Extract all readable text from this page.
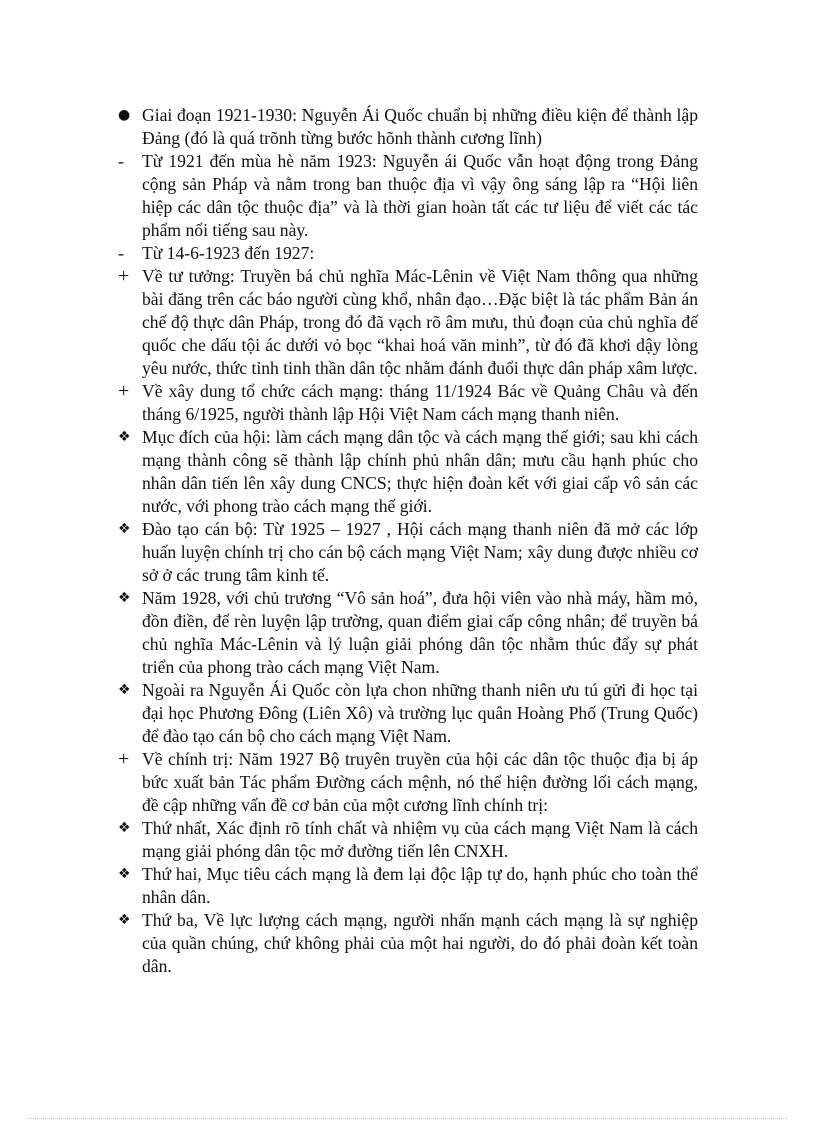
● Giai đoạn 1921-1930: Nguyễn Ái Quốc chuẩn bị những điều kiện để thành lập Đảng (đó là quá trõnh từng bước hõnh thành cương lĩnh)

-	Từ 1921 đến mùa hè năm 1923: Nguyễn ái Quốc vẫn hoạt động trong Đảng cộng sản Pháp và nằm trong ban thuộc địa vì vậy ông sáng lập ra “Hội liên hiệp các dân tộc thuộc địa” và là thời gian hoàn tất các tư liệu để viết các tác phẩm nổi tiếng sau này.

-	Từ 14-6-1923 đến 1927:

+ Về tư tưởng: Truyền bá chủ nghĩa Mác-Lênin về Việt Nam thông qua những bài đăng trên các báo người cùng khổ, nhân đạo…Đặc biệt là tác phẩm Bản án chế độ thực dân Pháp, trong đó đã vạch rõ âm mưu, thủ đoạn của chủ nghĩa đế quốc che dấu tội ác dưới vỏ bọc “khai hoá văn minh”, từ đó đã khơi dậy lòng yêu nước, thức tỉnh tinh thần dân tộc nhằm đánh đuổi thực dân pháp xâm lược.

+ Về xây dung tổ chức cách mạng: tháng 11/1924 Bác về Quảng Châu và đến tháng 6/1925, người thành lập Hội Việt Nam cách mạng thanh niên.

❖ Mục đích của hội: làm cách mạng dân tộc và cách mạng thế giới; sau khi cách mạng thành công sẽ thành lập chính phủ nhân dân; mưu cầu hạnh phúc cho nhân dân tiến lên xây dung CNCS; thực hiện đoàn kết với giai cấp vô sản các nước, với phong trào cách mạng thế giới.

❖ Đào tạo cán bộ: Từ 1925 – 1927 , Hội cách mạng thanh niên đã mở các lớp huấn luyện chính trị cho cán bộ cách mạng Việt Nam; xây dung được nhiều cơ sở ở các trung tâm kinh tế.

❖ Năm 1928, với chủ trương “Vô sản hoá”, đưa hội viên vào nhà máy, hầm mỏ, đồn điền, để rèn luyện lập trường, quan điểm giai cấp công nhân; để truyền bá chủ nghĩa Mác-Lênin và lý luận giải phóng dân tộc nhằm thúc đẩy sự phát triển của phong trào cách mạng Việt Nam.

❖ Ngoài ra Nguyễn Ái Quốc còn lựa chon những thanh niên ưu tú gửi đi học tại đại học Phương Đông (Liên Xô) và trường lục quân Hoàng Phố (Trung Quốc) để đào tạo cán bộ cho cách mạng Việt Nam.

+ Về chính trị: Năm 1927 Bộ truyên truyền của hội các dân tộc thuộc địa bị áp bức xuất bản Tác phẩm Đường cách mệnh, nó thể hiện đường lối cách mạng, đề cập những vấn đề cơ bản của một cương lĩnh chính trị:

❖ Thứ nhất, Xác định rõ tính chất và nhiệm vụ của cách mạng Việt Nam là cách mạng giải phóng dân tộc mở đường tiến lên CNXH.

❖ Thứ hai, Mục tiêu cách mạng là đem lại độc lập tự do, hạnh phúc cho toàn thể nhân dân.

❖ Thứ ba, Về lực lượng cách mạng, người nhấn mạnh cách mạng là sự nghiệp của quần chúng, chứ không phải của một hai người, do đó phải đoàn kết toàn dân.
